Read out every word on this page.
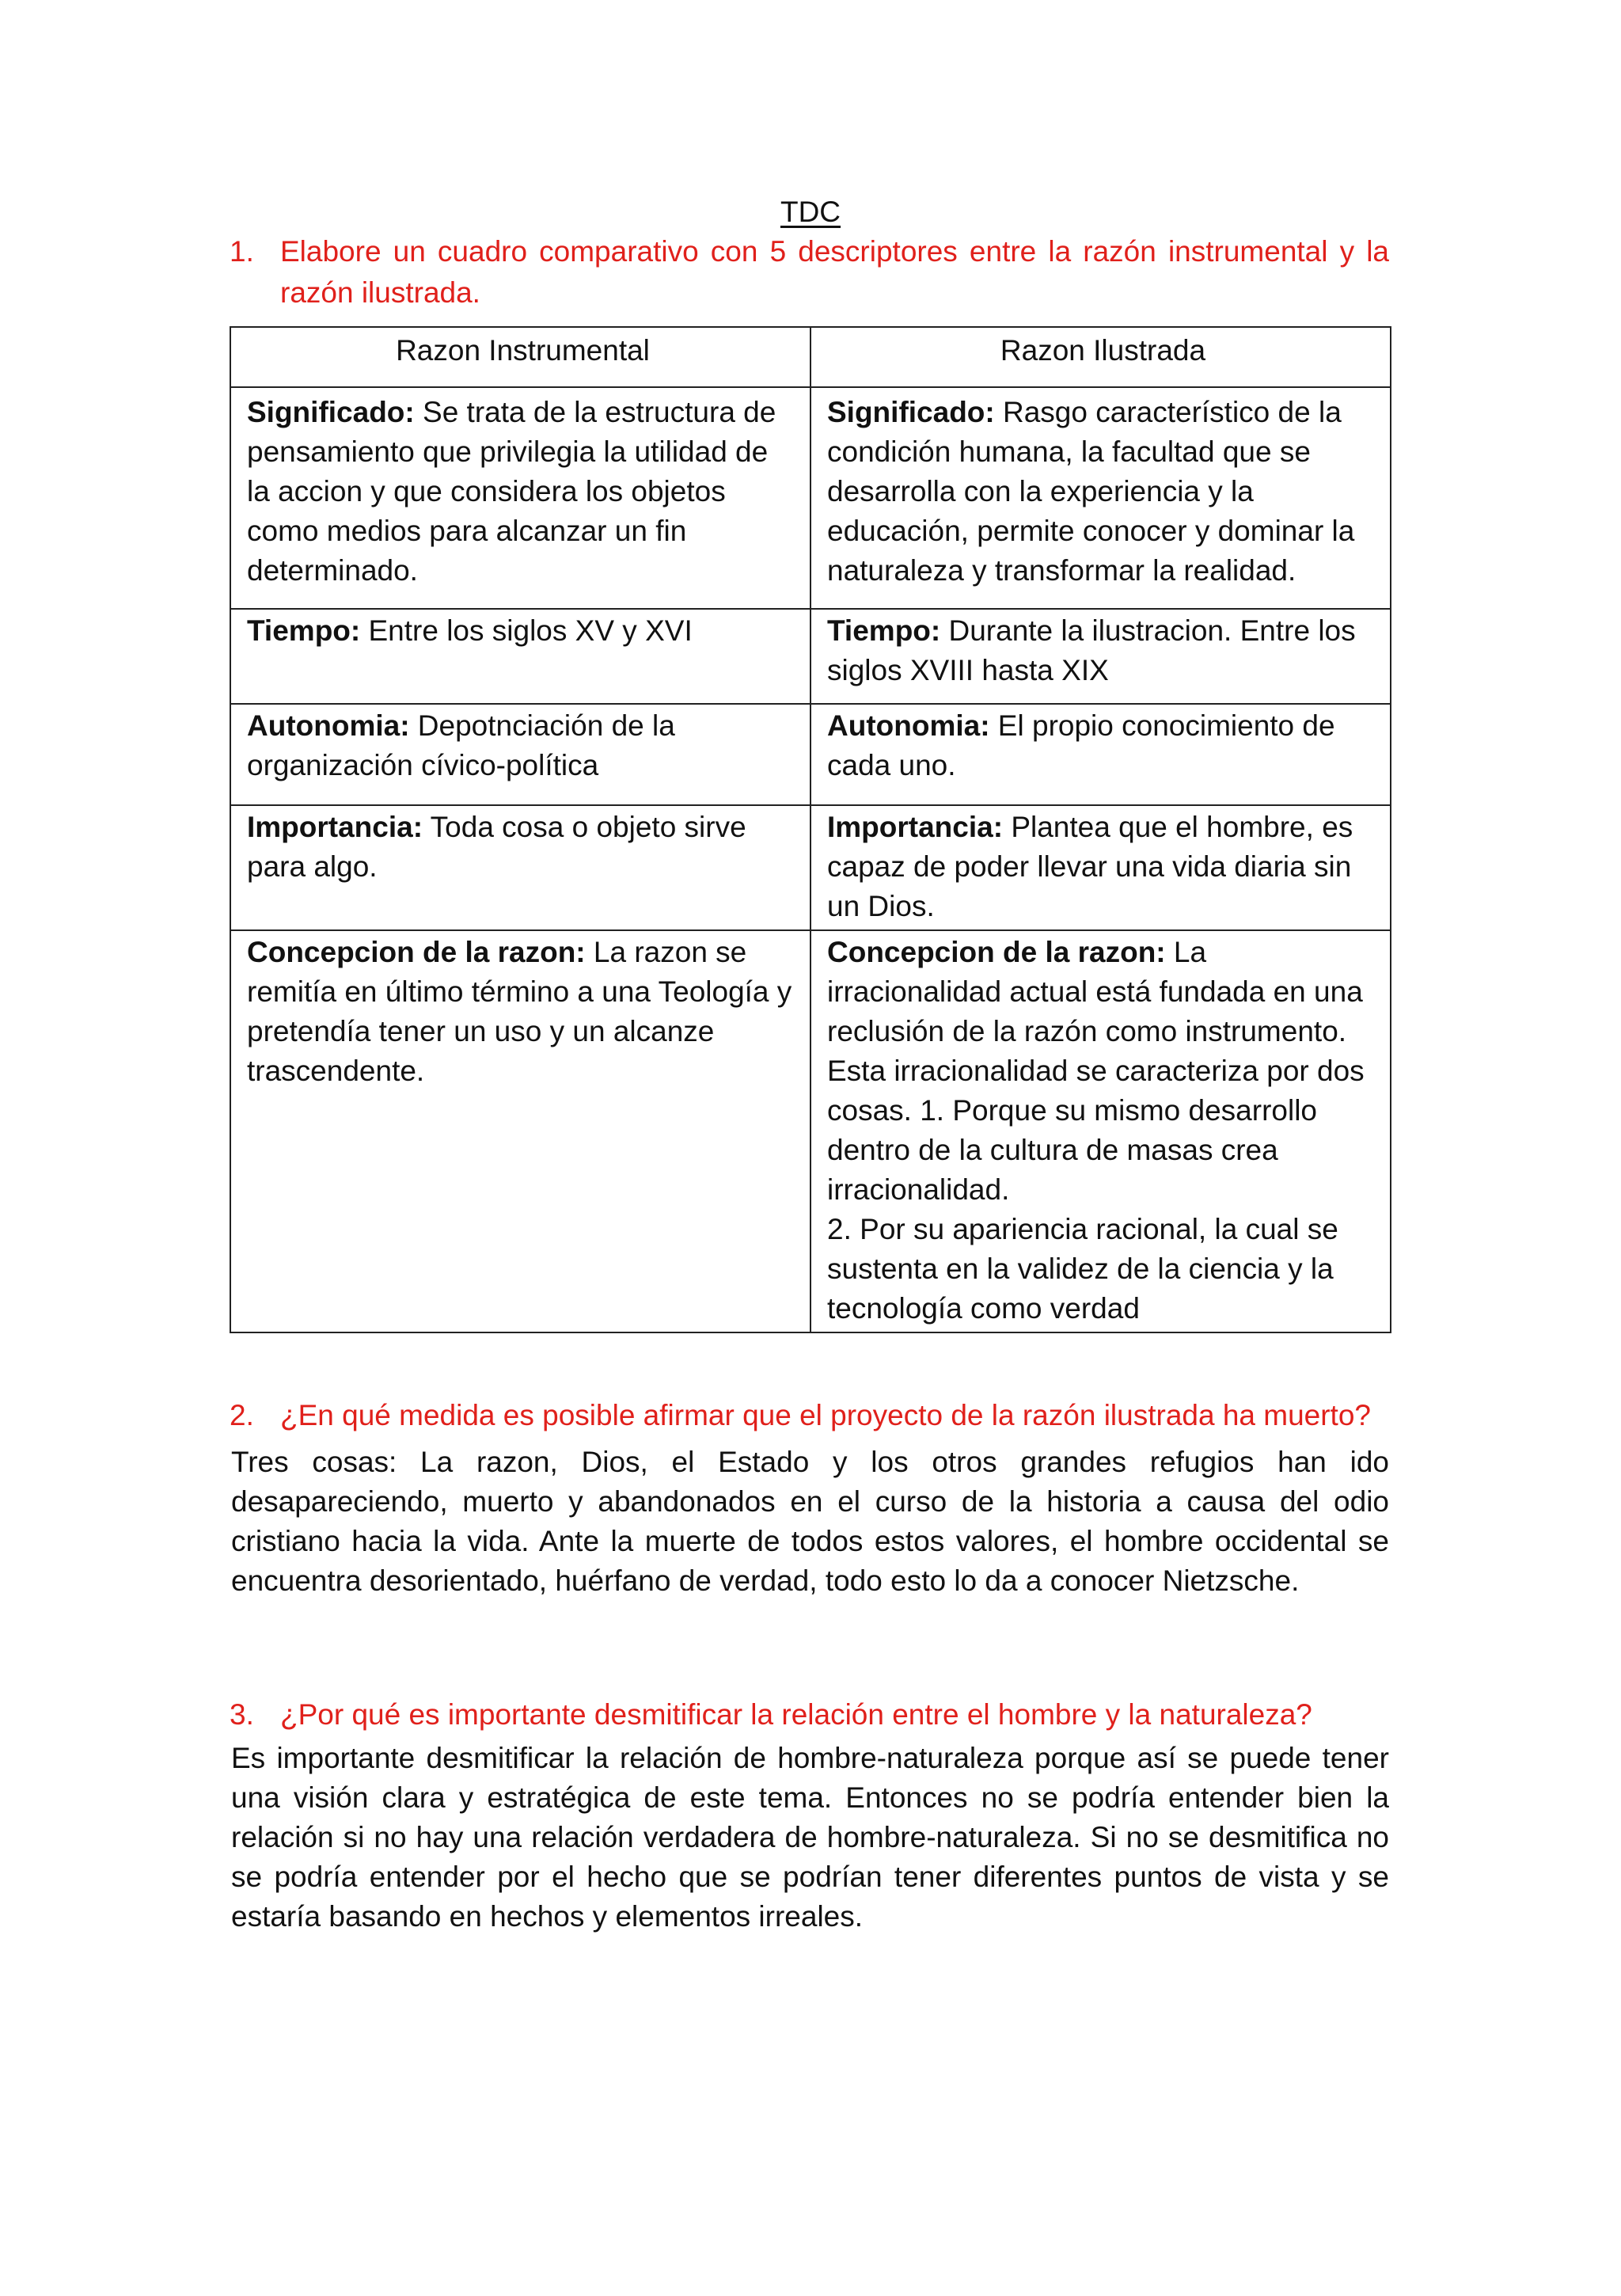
TDC
1. Elabore un cuadro comparativo con 5 descriptores entre la razón instrumental y la razón ilustrada.
Razon Instrumental	Razon Ilustrada
Significado: Se trata de la estructura de pensamiento que privilegia la utilidad de la accion y que considera los objetos como medios para alcanzar un fin determinado.	Significado: Rasgo característico de la condición humana, la facultad que se desarrolla con la experiencia y la educación, permite conocer y dominar la naturaleza y transformar la realidad.
Tiempo: Entre los siglos XV y XVI	Tiempo: Durante la ilustracion. Entre los siglos XVIII hasta XIX
Autonomia: Depotnciación de la organización cívico-política	Autonomia: El propio conocimiento de cada uno.
Importancia: Toda cosa o objeto sirve para algo.	Importancia: Plantea que el hombre, es capaz de poder llevar una vida diaria sin un Dios.
Concepcion de la razon: La razon se remitía en último término a una Teología y pretendía tener un uso y un alcanze trascendente.	Concepcion de la razon: La irracionalidad actual está fundada en una reclusión de la razón como instrumento. Esta irracionalidad se caracteriza por dos cosas. 1. Porque su mismo desarrollo dentro de la cultura de masas crea irracionalidad.
2. Por su apariencia racional, la cual se sustenta en la validez de la ciencia y la tecnología como verdad
2. ¿En qué medida es posible afirmar que el proyecto de la razón ilustrada ha muerto?
Tres cosas: La razon, Dios, el Estado y los otros grandes refugios han ido desapareciendo, muerto y abandonados en el curso de la historia a causa del odio cristiano hacia la vida. Ante la muerte de todos estos valores, el hombre occidental se encuentra desorientado, huérfano de verdad, todo esto lo da a conocer Nietzsche.
3. ¿Por qué es importante desmitificar la relación entre el hombre y la naturaleza?
Es importante desmitificar la relación de hombre-naturaleza porque así se puede tener una visión clara y estratégica de este tema. Entonces no se podría entender bien la relación si no hay una relación verdadera de hombre-naturaleza. Si no se desmitifica no se podría entender por el hecho que se podrían tener diferentes puntos de vista y se estaría basando en hechos y elementos irreales.
